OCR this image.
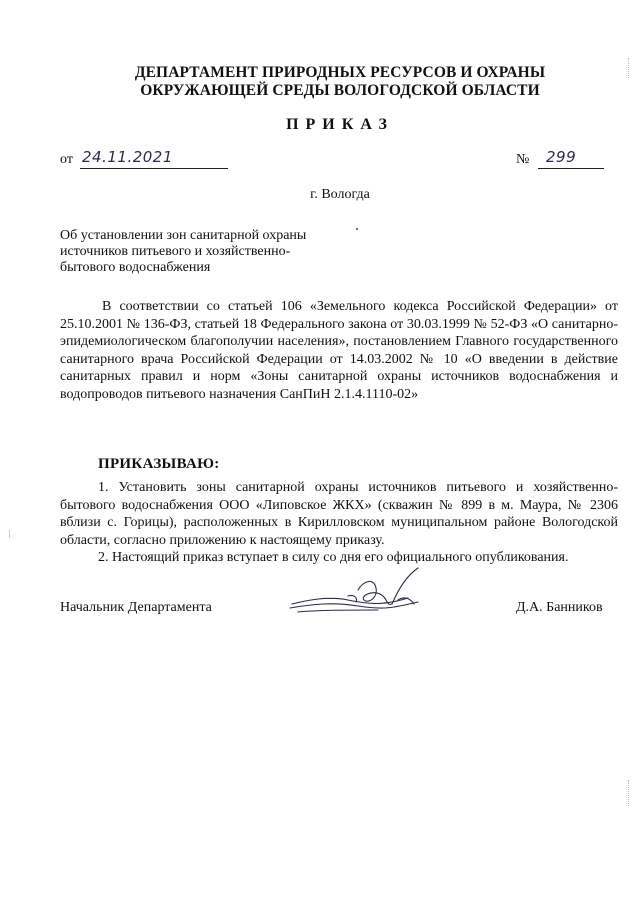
ДЕПАРТАМЕНТ ПРИРОДНЫХ РЕСУРСОВ И ОХРАНЫ
ОКРУЖАЮЩЕЙ СРЕДЫ ВОЛОГОДСКОЙ ОБЛАСТИ
ПРИКАЗ
от 24.11.2021	№ 299
г. Вологда
Об установлении зон санитарной охраны
источников питьевого и хозяйственно-
бытового водоснабжения
В соответствии со статьей 106 «Земельного кодекса Российской Федерации» от 25.10.2001 № 136-ФЗ, статьей 18 Федерального закона от 30.03.1999 № 52-ФЗ «О санитарно-эпидемиологическом благополучии населения», постановлением Главного государственного санитарного врача Российской Федерации от 14.03.2002 № 10 «О введении в действие санитарных правил и норм «Зоны санитарной охраны источников водоснабжения и водопроводов питьевого назначения СанПиН 2.1.4.1110-02»
ПРИКАЗЫВАЮ:
1. Установить зоны санитарной охраны источников питьевого и хозяйственно-бытового водоснабжения ООО «Липовское ЖКХ» (скважин № 899 в м. Маура, № 2306 вблизи с. Горицы), расположенных в Кирилловском муниципальном районе Вологодской области, согласно приложению к настоящему приказу.
2. Настоящий приказ вступает в силу со дня его официального опубликования.
Начальник Департамента	Д.А. Банников
